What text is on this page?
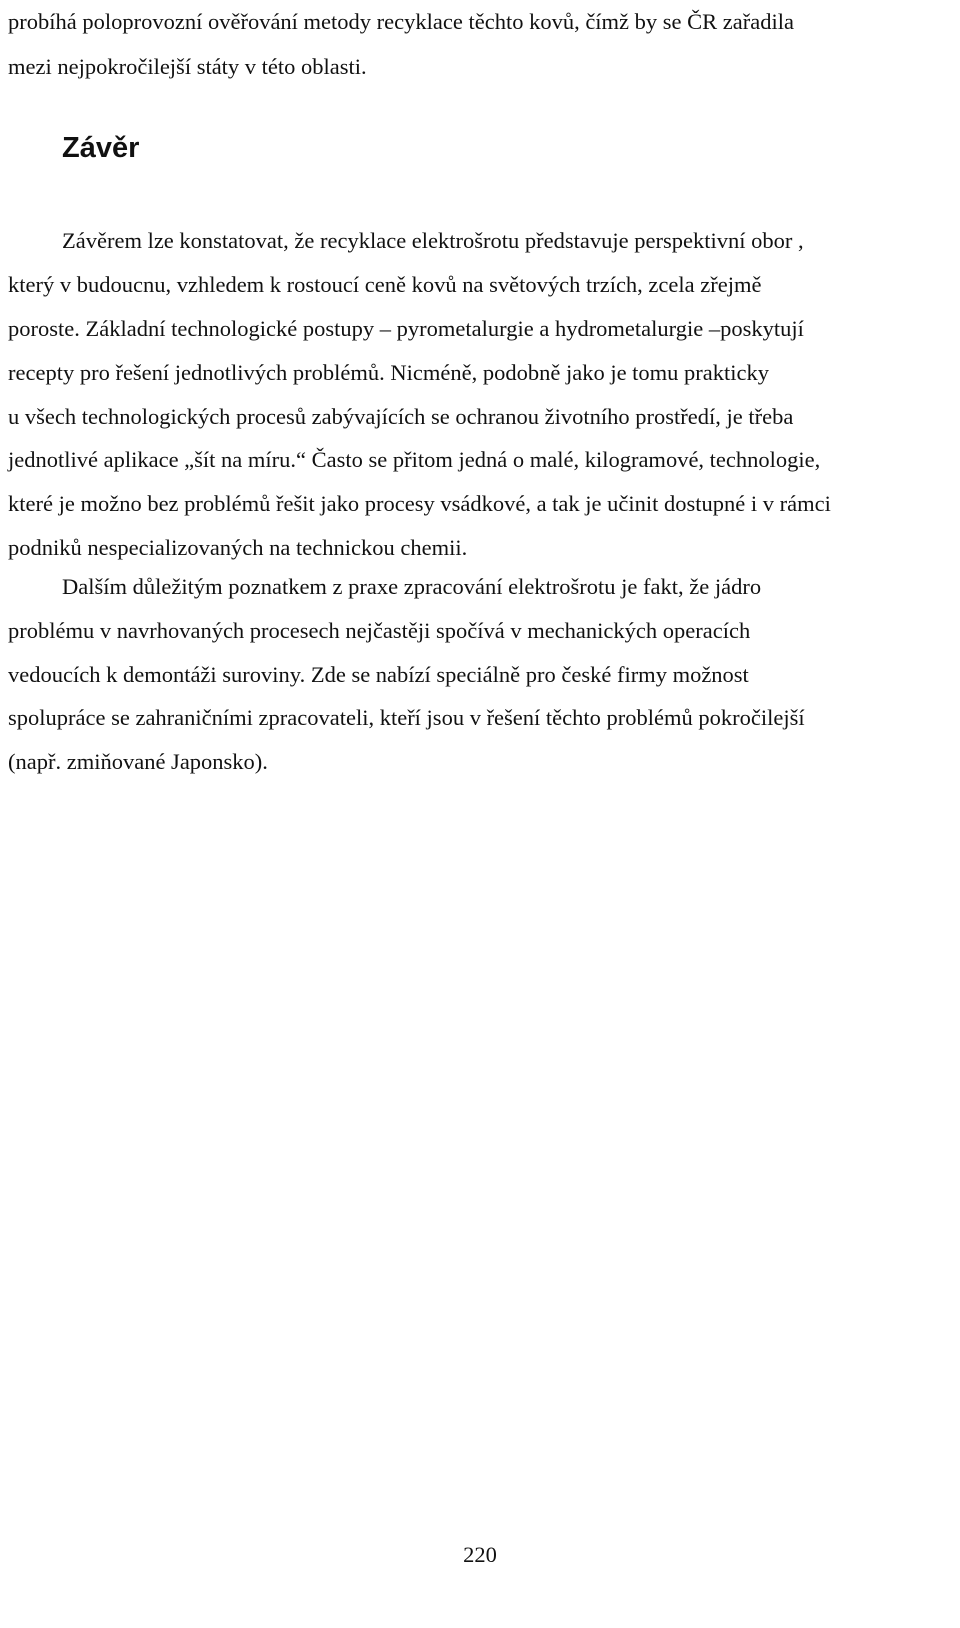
probíhá poloprovozní ověřování metody recyklace těchto kovů, čímž by se ČR zařadila
mezi nejpokročilejší státy v této oblasti.
Závěr
Závěrem lze konstatovat, že recyklace elektrošrotu představuje perspektivní obor ,
který v budoucnu, vzhledem k rostoucí ceně kovů na světových trzích, zcela zřejmě
poroste. Základní technologické postupy – pyrometalurgie a hydrometalurgie –poskytují
recepty pro řešení jednotlivých problémů. Nicméně, podobně jako je tomu prakticky
u všech technologických procesů zabývajících se ochranou životního prostředí, je třeba
jednotlivé aplikace „šít na míru.“ Často se přitom jedná o malé, kilogramové, technologie,
které je možno bez problémů řešit jako procesy vsádkové, a tak je učinit dostupné i v rámci
podniků nespecializovaných na technickou chemii.
Dalším důležitým poznatkem z praxe zpracování elektrošrotu je fakt, že jádro
problému v navrhovaných procesech nejčastěji spočívá v mechanických operacích
vedoucích k demontáži suroviny. Zde se nabízí speciálně pro české firmy možnost
spolupráce se zahraničními zpracovateli, kteří jsou v řešení těchto problémů pokročilejší
(např. zmiňované Japonsko).
220
